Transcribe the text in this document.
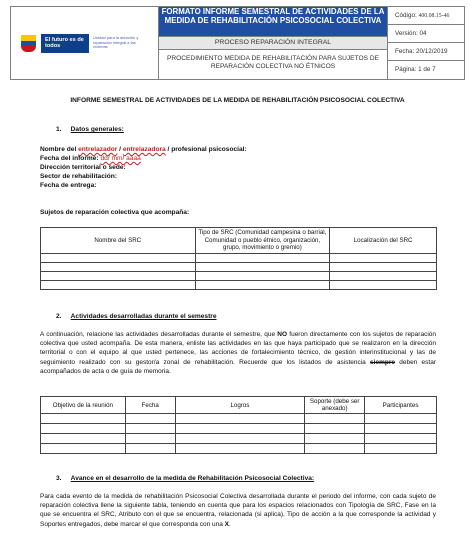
El futuro es de todos
Unidad para la atención y reparación integral a las víctimas
FORMATO INFORME SEMESTRAL DE ACTIVIDADES DE LA MEDIDA DE REHABILITACIÓN PSICOSOCIAL COLECTIVA
PROCESO REPARACIÓN INTEGRAL
PROCEDIMIENTO MEDIDA DE REHABILITACIÓN PARA SUJETOS DE REPARACIÓN COLECTIVA NO ÉTNICOS
Código: 400.08.15-46
Versión: 04
Fecha: 20/12/2019
Página: 1 de 7
INFORME SEMESTRAL DE ACTIVIDADES DE LA MEDIDA DE REHABILITACIÓN PSICOSOCIAL COLECTIVA
1. Datos generales:
Nombre del entrelazador / entrelazadora / profesional psicosocial:
Fecha del informe: dd/ mm/ aaaa
Dirección territorial o sede:
Sector de rehabilitación:
Fecha de entrega:
Sujetos de reparación colectiva que acompaña:
Nombre del SRC	Tipo de SRC (Comunidad campesina o barrial, Comunidad o pueblo étnico, organización, grupo, movimiento o gremio)	Localización del SRC

2. Actividades desarrolladas durante el semestre
A continuación, relacione las actividades desarrolladas durante el semestre, que NO fueron directamente con los sujetos de reparación colectiva que usted acompaña. De esta manera, enliste las actividades en las que haya participado que se realizaron en la dirección territorial o con el equipo al que usted pertenece, las acciones de fortalecimiento técnico, de gestión interinstitucional y las de seguimiento realizado con su gestor/a zonal de rehabilitación. Recuerde que los listados de asistencia siempre deben estar acompañados de acta o de guía de memoria.
Objetivo de la reunión	Fecha	Logros	Soporte (debe ser anexado)	Participantes

3. Avance en el desarrollo de la medida de Rehabilitación Psicosocial Colectiva:
Para cada evento de la medida de rehabilitación Psicosocial Colectiva desarrollada durante el periodo del informe, con cada sujeto de reparación colectiva llene la siguiente tabla, teniendo en cuenta que para los espacios relacionados con Tipología de SRC, Fase en la que se encuentra el SRC, Atributo con el que se encuentra, relacionada (si aplica), Tipo de acción a la que corresponde la actividad y Soportes entregados, debe marcar el que corresponda con una X.
